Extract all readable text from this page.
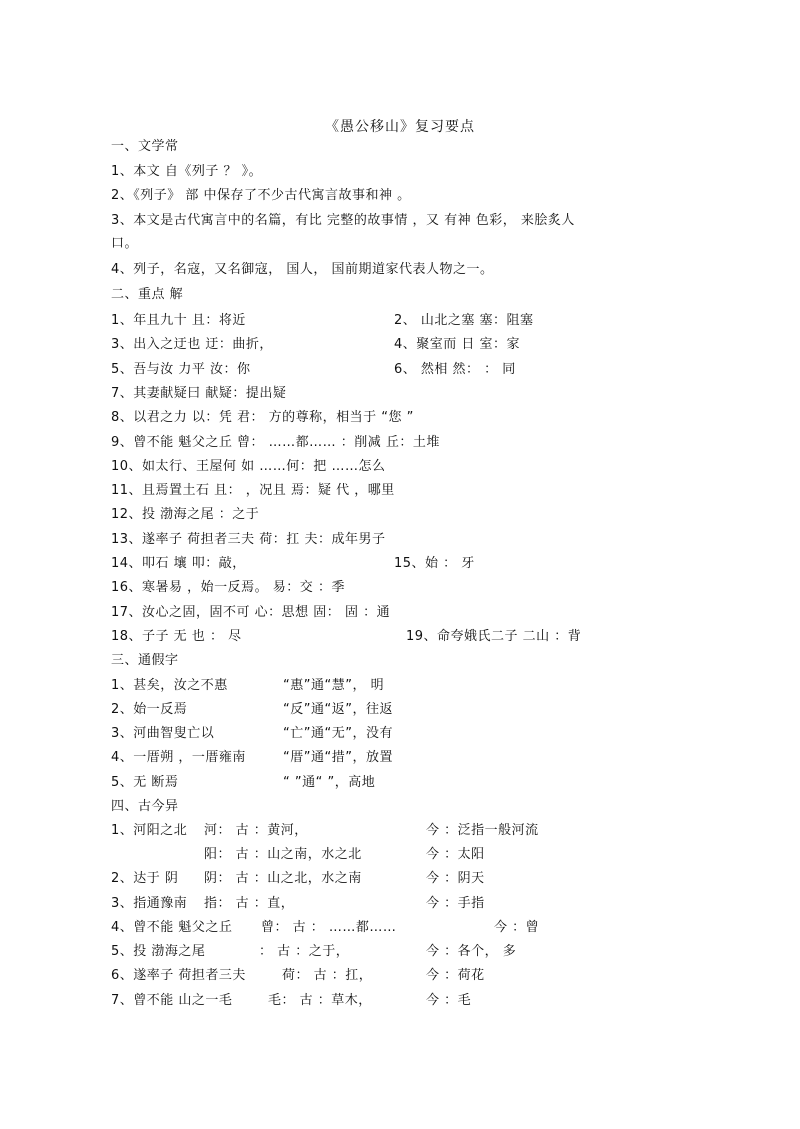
《愚公移山》复习要点
一、文学常
1、本文 自《列子 ？ 》。
2、《列子》 部 中保存了不少古代寓言故事和神 。
3、本文是古代寓言中的名篇，有比 完整的故事情 ，又 有神 色彩， 来脍炙人
口。
4、列子，名寇，又名御寇， 国人， 国前期道家代表人物之一。
二、重点 解
1、年且九十 且：将近	2、 山北之塞 塞：阻塞
3、出入之迂也 迂：曲折，	4、聚室而 日 室：家
5、吾与汝 力平 汝：你	6、 然相 然： ： 同
7、其妻献疑曰 献疑：提出疑
8、以君之力 以：凭 君： 方的尊称，相当于 “您 ”
9、曾不能 魁父之丘 曾： ……都…… ：削减 丘：土堆
10、如太行、王屋何 如 ……何：把 ……怎么
11、且焉置土石 且： ，况且 焉：疑 代 ，哪里
12、投 渤海之尾 ：之于
13、遂率子 荷担者三夫 荷：扛 夫：成年男子
14、叩石 壤 叩：敲，	15、始 ： 牙
16、寒暑易 ，始一反焉。 易：交 ：季
17、汝心之固，固不可 心：思想 固： 固 ：通
18、子子 无 也 ： 尽	19、命夸娥氏二子 二山 ：背
三、通假字
1、甚矣，汝之不惠	“惠”通“慧”， 明
2、始一反焉	“反”通“返”，往返
3、河曲智叟亡以	“亡”通“无”，没有
4、一厝朔 ，一厝雍南	“厝”通“措”，放置
5、无 断焉	“ ”通“ ”，高地
四、古今异
1、河阳之北 河： 古 ：黄河，	今 ：泛指一般河流
阳： 古 ：山之南，水之北	今 ：太阳
2、达于 阴 阴： 古 ：山之北，水之南	今 ：阴天
3、指通豫南 指： 古 ：直，	今 ：手指
4、曾不能 魁父之丘 曾： 古 ： ……都……	今 ：曾
5、投 渤海之尾	： 古 ：之于，	今 ：各个， 多
6、遂率子 荷担者三夫	荷： 古 ：扛，	今 ：荷花
7、曾不能 山之一毛	毛： 古 ：草木，	今 ：毛
